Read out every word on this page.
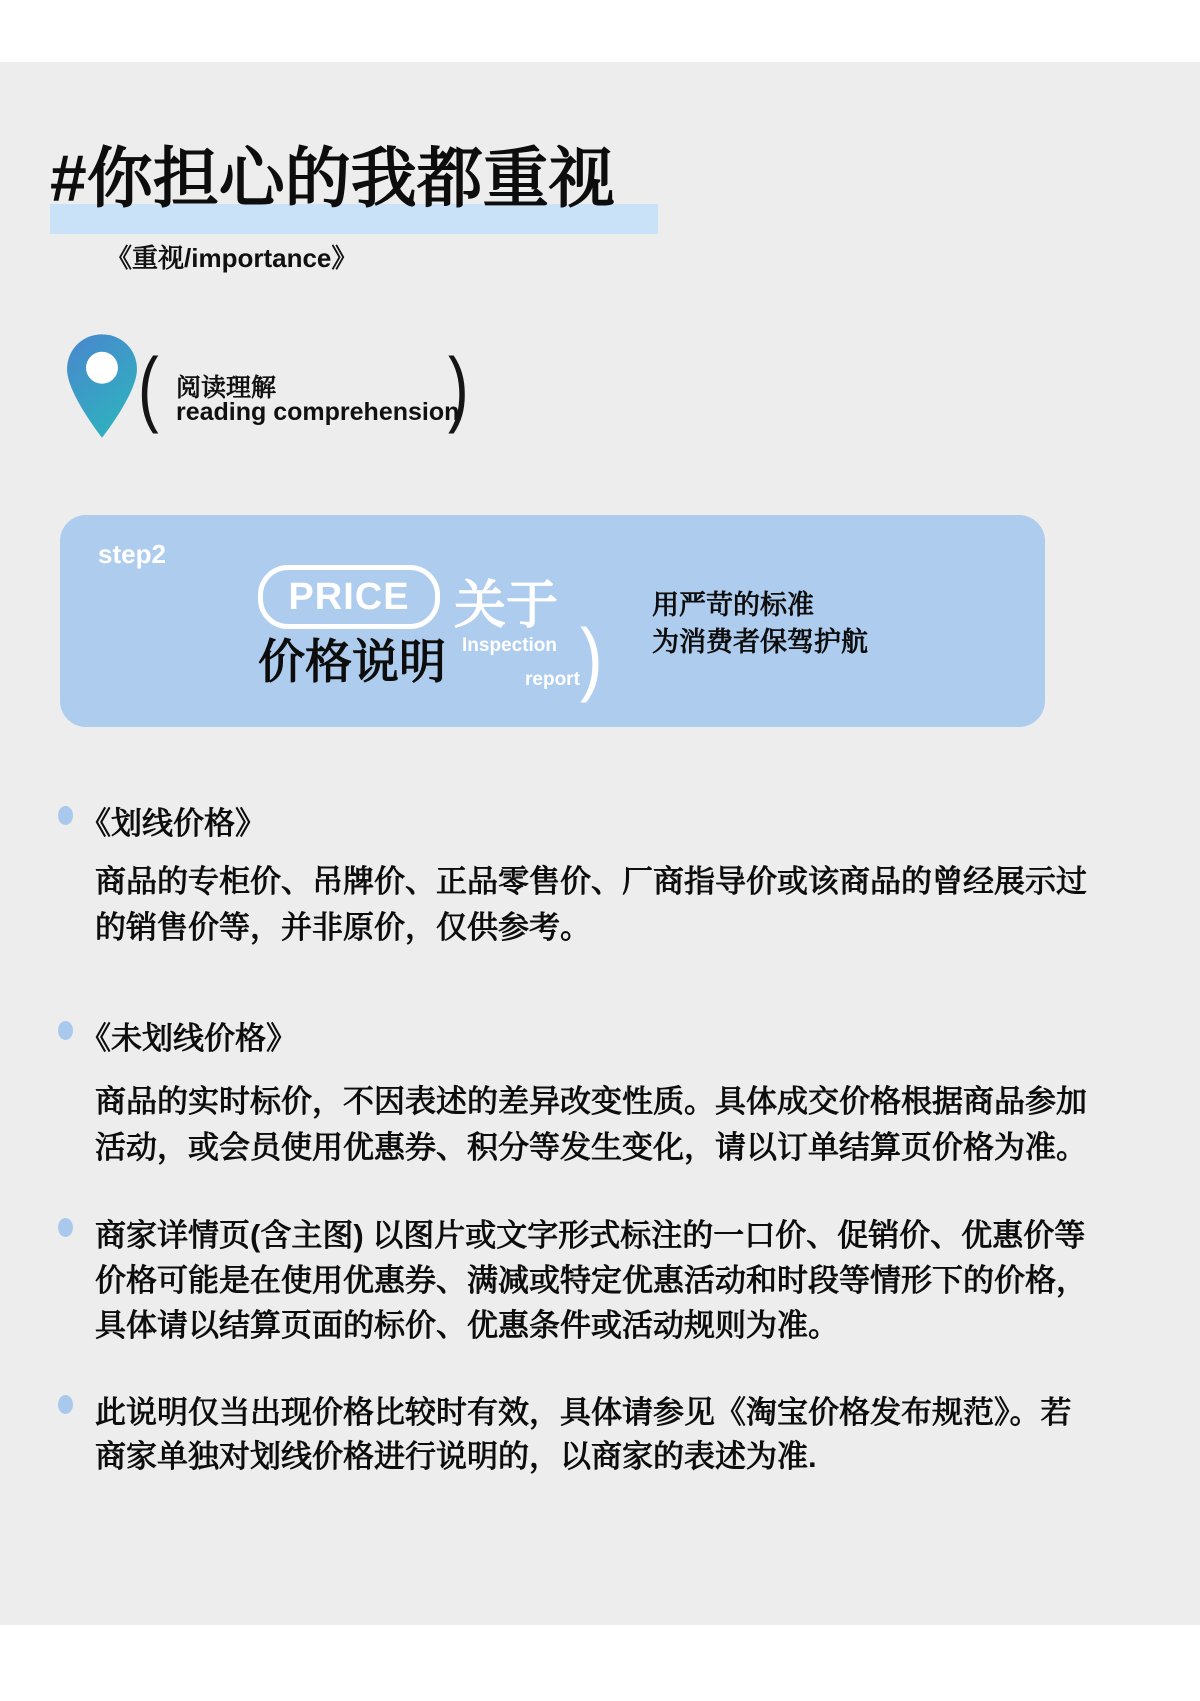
#你担心的我都重视
《重视/importance》
( 阅读理解
reading comprehension
)
step2
PRICE 关于
价格说明 Inspection
report )
用严苛的标准
为消费者保驾护航
《划线价格》
商品的专柜价、吊牌价、正品零售价、厂商指导价或该商品的曾经展示过
的销售价等，并非原价，仅供参考。
《未划线价格》
商品的实时标价，不因表述的差异改变性质。具体成交价格根据商品参加
活动，或会员使用优惠券、积分等发生变化，请以订单结算页价格为准。
商家详情页(含主图) 以图片或文字形式标注的一口价、促销价、优惠价等
价格可能是在使用优惠券、满减或特定优惠活动和时段等情形下的价格，
具体请以结算页面的标价、优惠条件或活动规则为准。
此说明仅当出现价格比较时有效，具体请参见《淘宝价格发布规范》。若
商家单独对划线价格进行说明的，以商家的表述为准.
